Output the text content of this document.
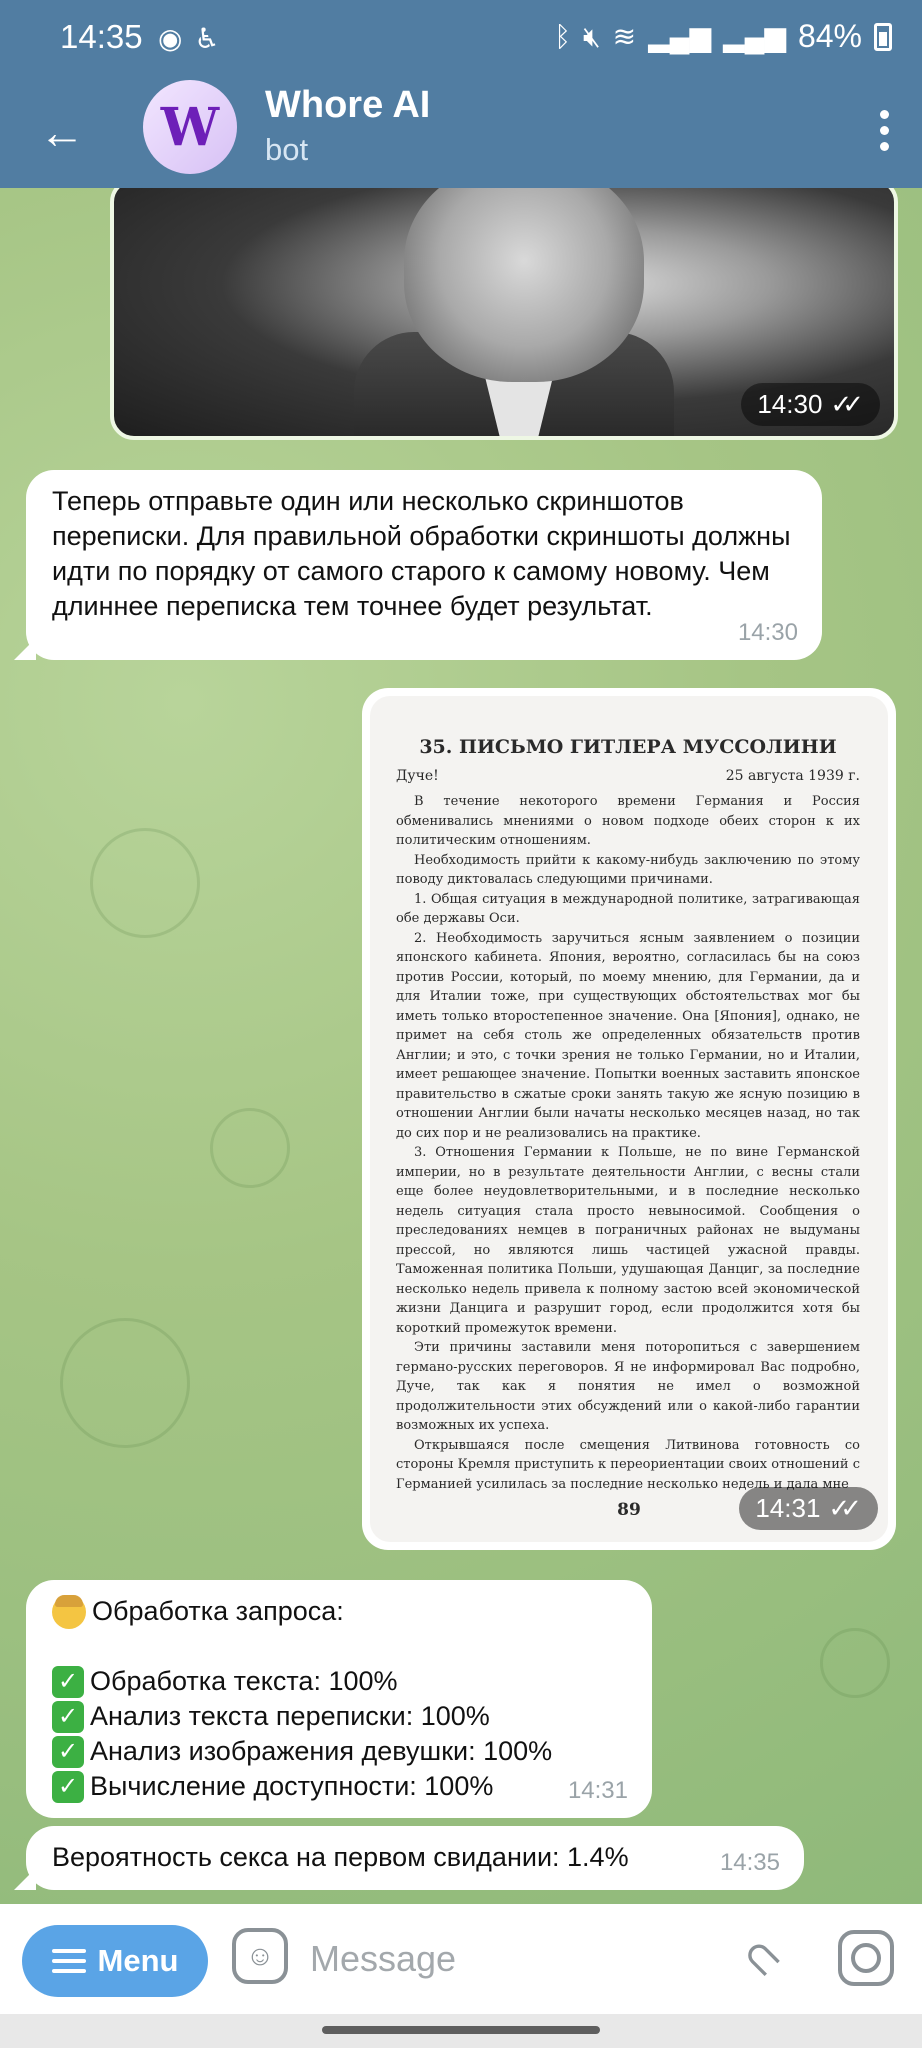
14:35 ◉ ♿	ᛒ 🔇︎ ≋ ▂▄▆ ▂▄▆ 84%
← W Whore AI
bot
14:30 ✓✓
Теперь отправьте один или несколько скриншотов переписки. Для правильной обработки скриншоты должны идти по порядку от самого старого к самому новому. Чем длиннее переписка тем точнее будет результат.
14:30
35. ПИСЬМО ГИТЛЕРА МУССОЛИНИ
Дуче!	25 августа 1939 г.

В течение некоторого времени Германия и Россия обменивались мнениями о новом подходе обеих сторон к их политическим отношениям.

Необходимость прийти к какому-нибудь заключению по этому поводу диктовалась следующими причинами.

1. Общая ситуация в международной политике, затрагивающая обе державы Оси.

2. Необходимость заручиться ясным заявлением о позиции японского кабинета. Япония, вероятно, согласилась бы на союз против России, который, по моему мнению, для Германии, да и для Италии тоже, при существующих обстоятельствах мог бы иметь только второстепенное значение. Она [Япония], однако, не примет на себя столь же определенных обязательств против Англии; и это, с точки зрения не только Германии, но и Италии, имеет решающее значение. Попытки военных заставить японское правительство в сжатые сроки занять такую же ясную позицию в отношении Англии были начаты несколько месяцев назад, но так до сих пор и не реализовались на практике.

3. Отношения Германии к Польше, не по вине Германской империи, но в результате деятельности Англии, с весны стали еще более неудовлетворительными, и в последние несколько недель ситуация стала просто невыносимой. Сообщения о преследованиях немцев в пограничных районах не выдуманы прессой, но являются лишь частицей ужасной правды. Таможенная политика Польши, удушающая Данциг, за последние несколько недель привела к полному застою всей экономической жизни Данцига и разрушит город, если продолжится хотя бы короткий промежуток времени.

Эти причины заставили меня поторопиться с завершением германо-русских переговоров. Я не информировал Вас подробно, Дуче, так как я понятия не имел о возможной продолжительности этих обсуждений или о какой-либо гарантии возможных их успеха.

Открывшаяся после смещения Литвинова готовность со стороны Кремля приступить к переориентации своих отношений с Германией усилилась за последние несколько недель и дала мне

89	14:31 ✓✓
Обработка запроса:
✓ Обработка текста: 100%
✓ Анализ текста переписки: 100%
✓ Анализ изображения девушки: 100%
✓ Вычисление доступности: 100%	14:31
Вероятность секса на первом свидании: 1.4%	14:35
Menu	☺
Message	⊂
